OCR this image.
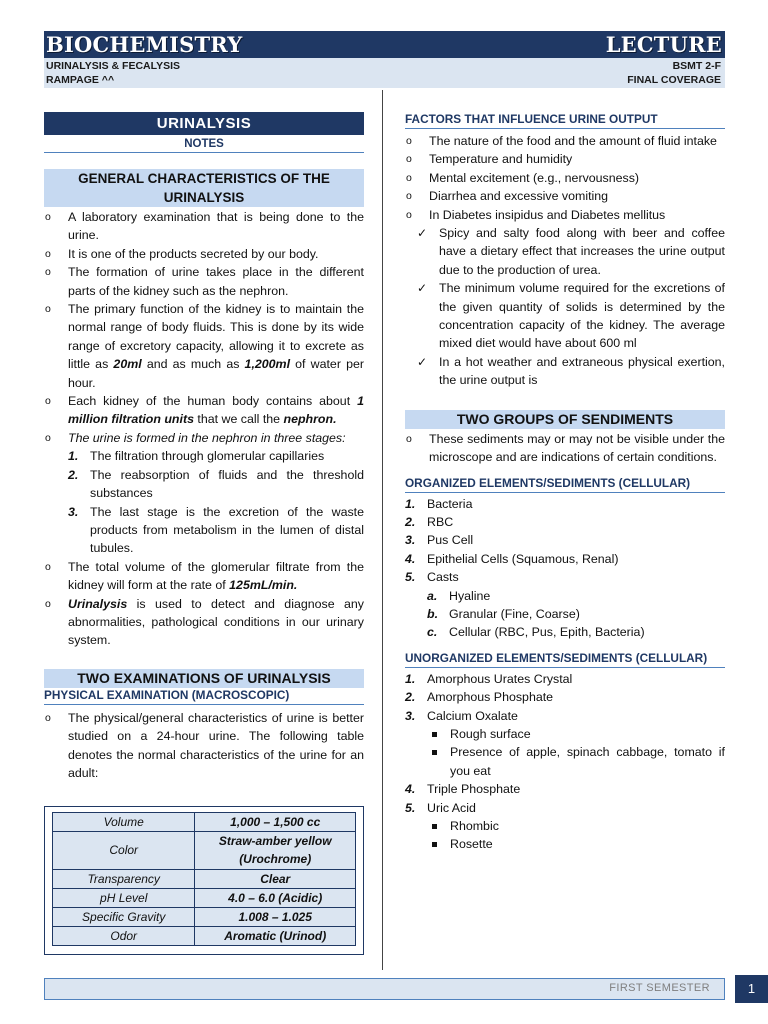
BIOCHEMISTRY	LECTURE
URINALYSIS & FECALYSIS
RAMPAGE ^^
BSMT 2-F
FINAL COVERAGE
URINALYSIS
NOTES
GENERAL CHARACTERISTICS OF THE URINALYSIS
o A laboratory examination that is being done to the urine.
o It is one of the products secreted by our body.
o The formation of urine takes place in the different parts of the kidney such as the nephron.
o The primary function of the kidney is to maintain the normal range of body fluids. This is done by its wide range of excretory capacity, allowing it to excrete as little as 20ml and as much as 1,200ml of water per hour.
o Each kidney of the human body contains about 1 million filtration units that we call the nephron.
o The urine is formed in the nephron in three stages:
1. The filtration through glomerular capillaries
2. The reabsorption of fluids and the threshold substances
3. The last stage is the excretion of the waste products from metabolism in the lumen of distal tubules.
o The total volume of the glomerular filtrate from the kidney will form at the rate of 125mL/min.
o Urinalysis is used to detect and diagnose any abnormalities, pathological conditions in our urinary system.
TWO EXAMINATIONS OF URINALYSIS
PHYSICAL EXAMINATION (MACROSCOPIC)
o The physical/general characteristics of urine is better studied on a 24-hour urine. The following table denotes the normal characteristics of the urine for an adult:
Volume	1,000 – 1,500 cc
Color	Straw-amber yellow (Urochrome)
Transparency	Clear
pH Level	4.0 – 6.0 (Acidic)
Specific Gravity	1.008 – 1.025
Odor	Aromatic (Urinod)
FACTORS THAT INFLUENCE URINE OUTPUT
o The nature of the food and the amount of fluid intake
o Temperature and humidity
o Mental excitement (e.g., nervousness)
o Diarrhea and excessive vomiting
o In Diabetes insipidus and Diabetes mellitus
✓ Spicy and salty food along with beer and coffee have a dietary effect that increases the urine output due to the production of urea.
✓ The minimum volume required for the excretions of the given quantity of solids is determined by the concentration capacity of the kidney. The average mixed diet would have about 600 ml
✓ In a hot weather and extraneous physical exertion, the urine output is
TWO GROUPS OF SENDIMENTS
o These sediments may or may not be visible under the microscope and are indications of certain conditions.
ORGANIZED ELEMENTS/SEDIMENTS (CELLULAR)
1. Bacteria
2. RBC
3. Pus Cell
4. Epithelial Cells (Squamous, Renal)
5. Casts
a. Hyaline
b. Granular (Fine, Coarse)
c. Cellular (RBC, Pus, Epith, Bacteria)
UNORGANIZED ELEMENTS/SEDIMENTS (CELLULAR)
1. Amorphous Urates Crystal
2. Amorphous Phosphate
3. Calcium Oxalate
Rough surface
Presence of apple, spinach cabbage, tomato if you eat
4. Triple Phosphate
5. Uric Acid
Rhombic
Rosette
FIRST SEMESTER	1
